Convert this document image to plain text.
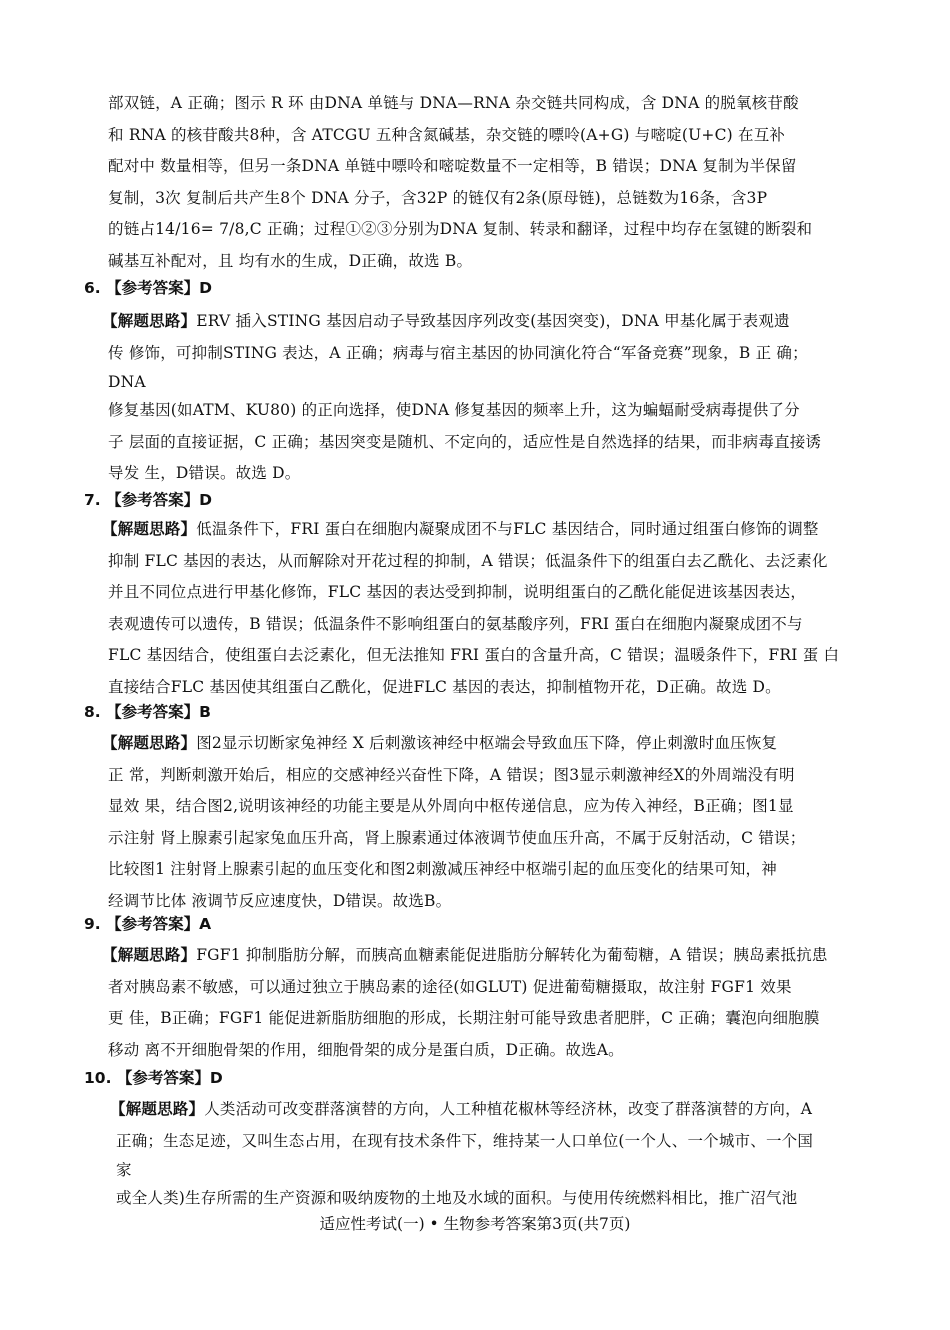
部双链，A 正确；图示 R 环 由DNA 单链与 DNA—RNA 杂交链共同构成，含 DNA 的脱氧核苷酸
和 RNA 的核苷酸共8种，含 ATCGU 五种含氮碱基，杂交链的嘌呤(A+G) 与嘧啶(U+C) 在互补
配对中 数量相等，但另一条DNA 单链中嘌呤和嘧啶数量不一定相等，B 错误；DNA 复制为半保留
复制，3次 复制后共产生8个 DNA 分子，含32P 的链仅有2条(原母链)，总链数为16条，含3P
的链占14/16= 7/8,C 正确；过程①②③分别为DNA 复制、转录和翻译，过程中均存在氢键的断裂和
碱基互补配对，且 均有水的生成，D正确，故选 B。
6. 【参考答案】D
【解题思路】ERV 插入STING 基因启动子导致基因序列改变(基因突变)，DNA 甲基化属于表观遗
传 修饰，可抑制STING 表达，A 正确；病毒与宿主基因的协同演化符合“军备竞赛”现象，B 正 确；
DNA
修复基因(如ATM、KU80) 的正向选择，使DNA 修复基因的频率上升，这为蝙蝠耐受病毒提供了分
子 层面的直接证据，C 正确；基因突变是随机、不定向的，适应性是自然选择的结果，而非病毒直接诱
导发 生，D错误。故选 D。
7. 【参考答案】D
【解题思路】低温条件下，FRI 蛋白在细胞内凝聚成团不与FLC 基因结合，同时通过组蛋白修饰的调整
抑制 FLC 基因的表达，从而解除对开花过程的抑制，A 错误；低温条件下的组蛋白去乙酰化、去泛素化
并且不同位点进行甲基化修饰，FLC 基因的表达受到抑制，说明组蛋白的乙酰化能促进该基因表达，
表观遗传可以遗传，B 错误；低温条件不影响组蛋白的氨基酸序列，FRI 蛋白在细胞内凝聚成团不与
FLC 基因结合，使组蛋白去泛素化，但无法推知 FRI 蛋白的含量升高，C 错误；温暖条件下，FRI 蛋 白
直接结合FLC 基因使其组蛋白乙酰化，促进FLC 基因的表达，抑制植物开花，D正确。故选 D。
8. 【参考答案】B
【解题思路】图2显示切断家兔神经 X 后刺激该神经中枢端会导致血压下降，停止刺激时血压恢复
正 常，判断刺激开始后，相应的交感神经兴奋性下降，A 错误；图3显示刺激神经X的外周端没有明
显效 果，结合图2,说明该神经的功能主要是从外周向中枢传递信息，应为传入神经，B正确；图1显
示注射 肾上腺素引起家兔血压升高，肾上腺素通过体液调节使血压升高，不属于反射活动，C 错误；
比较图1 注射肾上腺素引起的血压变化和图2刺激减压神经中枢端引起的血压变化的结果可知，神
经调节比体 液调节反应速度快，D错误。故选B。
9. 【参考答案】A
【解题思路】FGF1 抑制脂肪分解，而胰高血糖素能促进脂肪分解转化为葡萄糖，A 错误；胰岛素抵抗患
者对胰岛素不敏感，可以通过独立于胰岛素的途径(如GLUT) 促进葡萄糖摄取，故注射 FGF1 效果
更 佳，B正确；FGF1 能促进新脂肪细胞的形成，长期注射可能导致患者肥胖，C 正确；囊泡向细胞膜
移动 离不开细胞骨架的作用，细胞骨架的成分是蛋白质，D正确。故选A。
10. 【参考答案】D
【解题思路】人类活动可改变群落演替的方向，人工种植花椒林等经济林，改变了群落演替的方向，A
正确；生态足迹，又叫生态占用，在现有技术条件下，维持某一人口单位(一个人、一个城市、一个国
家
或全人类)生存所需的生产资源和吸纳废物的土地及水域的面积。与使用传统燃料相比，推广沼气池
适应性考试(一) • 生物参考答案第3页(共7页)
